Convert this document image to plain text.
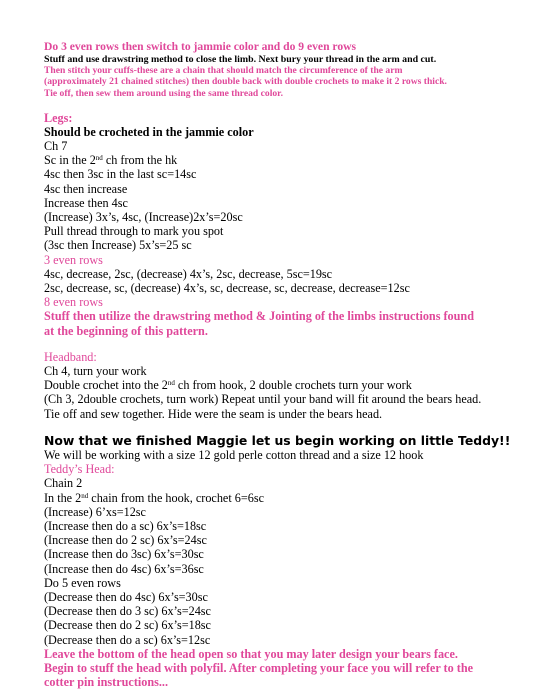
Do 3 even rows then switch to jammie color and do 9 even rows
Stuff and use drawstring method to close the limb. Next bury your thread in the arm and cut.
Then stitch your cuffs-these are a chain that should match the circumference of the arm
(approximately 21 chained stitches) then double back with double crochets to make it 2 rows thick.
Tie off, then sew them around using the same thread color.
Legs:
Should be crocheted in the jammie color
Ch 7
Sc in the 2nd ch from the hk
4sc then 3sc in the last sc=14sc
4sc then increase
Increase then 4sc
(Increase) 3x’s, 4sc, (Increase)2x’s=20sc
Pull thread through to mark you spot
(3sc then Increase) 5x’s=25 sc
3 even rows
4sc, decrease, 2sc, (decrease) 4x’s, 2sc, decrease, 5sc=19sc
2sc, decrease, sc, (decrease) 4x’s, sc, decrease, sc, decrease, decrease=12sc
8 even rows
Stuff then utilize the drawstring method & Jointing of the limbs instructions found
at the beginning of this pattern.
Headband:
Ch 4, turn your work
Double crochet into the 2nd ch from hook, 2 double crochets turn your work
(Ch 3, 2double crochets, turn work) Repeat until your band will fit around the bears head.
Tie off and sew together. Hide were the seam is under the bears head.
Now that we finished Maggie let us begin working on little Teddy!!
We will be working with a size 12 gold perle cotton thread and a size 12 hook
Teddy’s Head:
Chain 2
In the 2nd chain from the hook, crochet 6=6sc
(Increase) 6’xs=12sc
(Increase then do a sc) 6x’s=18sc
(Increase then do 2 sc) 6x’s=24sc
(Increase then do 3sc) 6x’s=30sc
(Increase then do 4sc) 6x’s=36sc
Do 5 even rows
(Decrease then do 4sc) 6x’s=30sc
(Decrease then do 3 sc) 6x’s=24sc
(Decrease then do 2 sc) 6x’s=18sc
(Decrease then do a sc) 6x’s=12sc
Leave the bottom of the head open so that you may later design your bears face.
Begin to stuff the head with polyfil. After completing your face you will refer to the
cotter pin instructions...
